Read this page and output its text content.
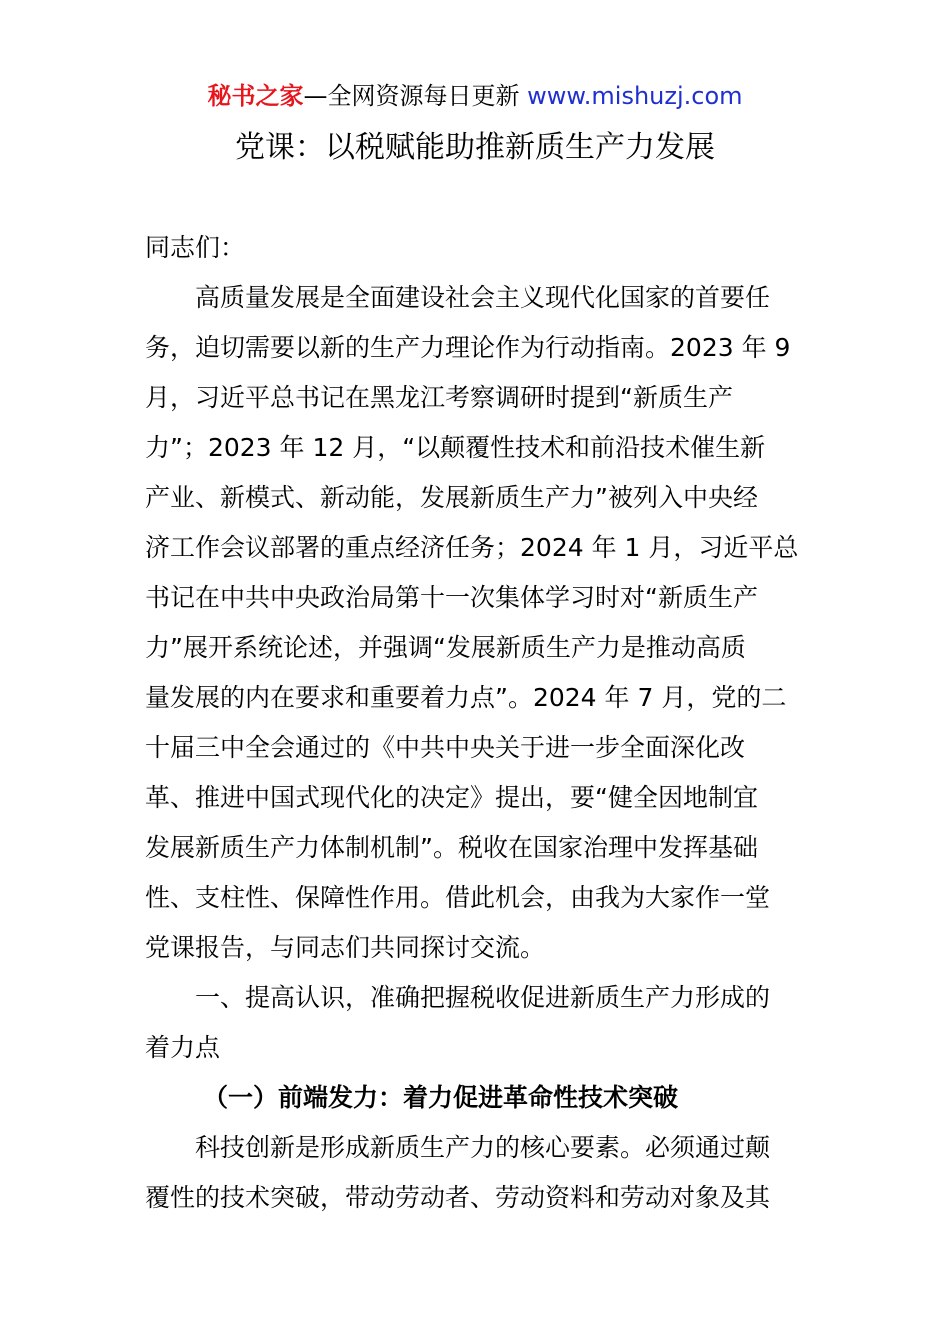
秘书之家—全网资源每日更新 www.mishuzj.com
党课：以税赋能助推新质生产力发展

同志们：

高质量发展是全面建设社会主义现代化国家的首要任
务，迫切需要以新的生产力理论作为行动指南。2023 年 9
月，习近平总书记在黑龙江考察调研时提到“新质生产
力”；2023 年 12 月，“以颠覆性技术和前沿技术催生新
产业、新模式、新动能，发展新质生产力”被列入中央经
济工作会议部署的重点经济任务；2024 年 1 月，习近平总
书记在中共中央政治局第十一次集体学习时对“新质生产
力”展开系统论述，并强调“发展新质生产力是推动高质
量发展的内在要求和重要着力点”。2024 年 7 月，党的二
十届三中全会通过的《中共中央关于进一步全面深化改
革、推进中国式现代化的决定》提出，要“健全因地制宜
发展新质生产力体制机制”。税收在国家治理中发挥基础
性、支柱性、保障性作用。借此机会，由我为大家作一堂
党课报告，与同志们共同探讨交流。

一、提高认识，准确把握税收促进新质生产力形成的
着力点

（一）前端发力：着力促进革命性技术突破

科技创新是形成新质生产力的核心要素。必须通过颠
覆性的技术突破，带动劳动者、劳动资料和劳动对象及其
